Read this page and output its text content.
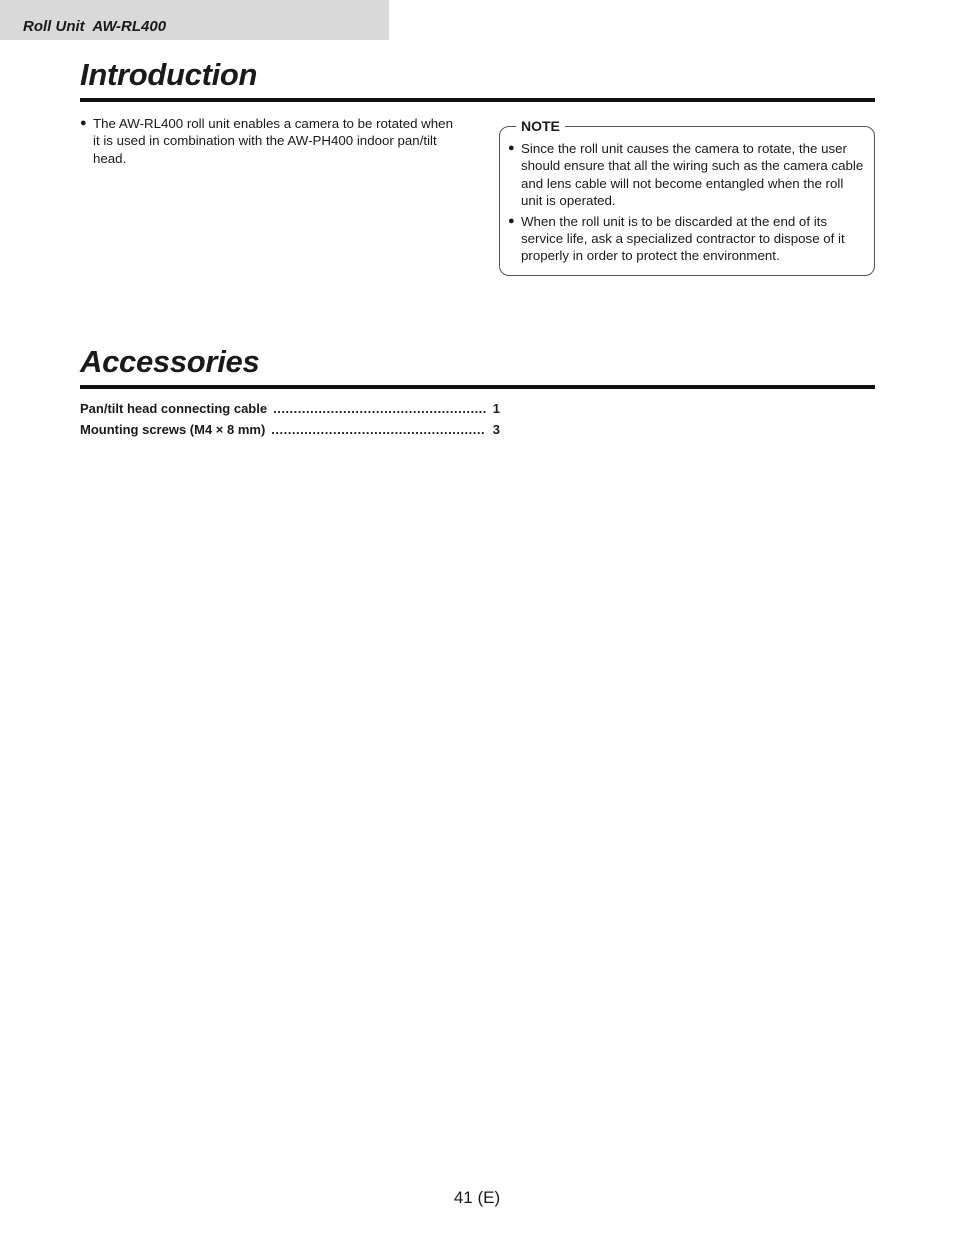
Roll Unit  AW-RL400
Introduction
● The AW-RL400 roll unit enables a camera to be rotated when it is used in combination with the AW-PH400 indoor pan/tilt head.
NOTE
● Since the roll unit causes the camera to rotate, the user should ensure that all the wiring such as the camera cable and lens cable will not become entangled when the roll unit is operated.
● When the roll unit is to be discarded at the end of its service life, ask a specialized contractor to dispose of it properly in order to protect the environment.
Accessories
Pan/tilt head connecting cable .................................................... 1
Mounting screws (M4 × 8 mm) .................................................... 3
41 (E)
